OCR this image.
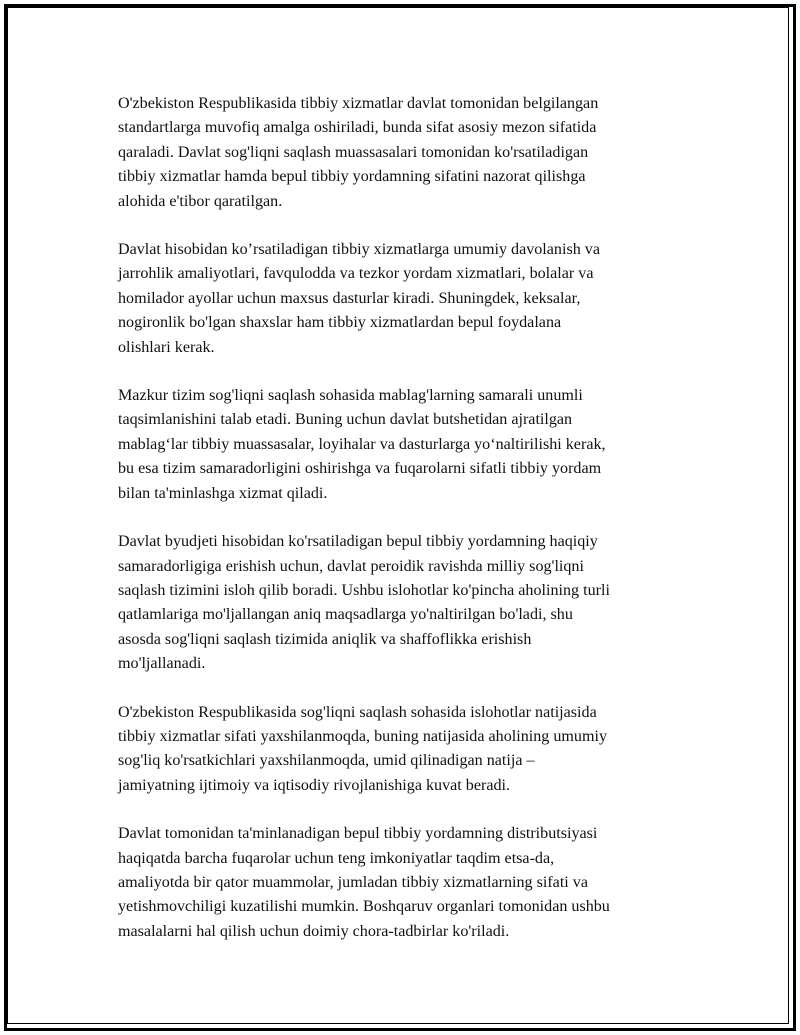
O'zbekiston Respublikasida tibbiy xizmatlar davlat tomonidan belgilangan
standartlarga muvofiq amalga oshiriladi, bunda sifat asosiy mezon sifatida
qaraladi. Davlat sog'liqni saqlash muassasalari tomonidan ko'rsatiladigan
tibbiy xizmatlar hamda bepul tibbiy yordamning sifatini nazorat qilishga
alohida e'tibor qaratilgan.

Davlat hisobidan ko’rsatiladigan tibbiy xizmatlarga umumiy davolanish va
jarrohlik amaliyotlari, favqulodda va tezkor yordam xizmatlari, bolalar va
homilador ayollar uchun maxsus dasturlar kiradi. Shuningdek, keksalar,
nogironlik bo'lgan shaxslar ham tibbiy xizmatlardan bepul foydalana
olishlari kerak.

Mazkur tizim sog'liqni saqlash sohasida mablag'larning samarali unumli
taqsimlanishini talab etadi. Buning uchun davlat butshetidan ajratilgan
mablag‘lar tibbiy muassasalar, loyihalar va dasturlarga yo‘naltirilishi kerak,
bu esa tizim samaradorligini oshirishga va fuqarolarni sifatli tibbiy yordam
bilan ta'minlashga xizmat qiladi.

Davlat byudjeti hisobidan ko'rsatiladigan bepul tibbiy yordamning haqiqiy
samaradorligiga erishish uchun, davlat peroidik ravishda milliy sog'liqni
saqlash tizimini isloh qilib boradi. Ushbu islohotlar ko'pincha aholining turli
qatlamlariga mo'ljallangan aniq maqsadlarga yo'naltirilgan bo'ladi, shu
asosda sog'liqni saqlash tizimida aniqlik va shaffoflikka erishish
mo'ljallanadi.

O'zbekiston Respublikasida sog'liqni saqlash sohasida islohotlar natijasida
tibbiy xizmatlar sifati yaxshilanmoqda, buning natijasida aholining umumiy
sog'liq ko'rsatkichlari yaxshilanmoqda, umid qilinadigan natija –
jamiyatning ijtimoiy va iqtisodiy rivojlanishiga kuvat beradi.

Davlat tomonidan ta'minlanadigan bepul tibbiy yordamning distributsiyasi
haqiqatda barcha fuqarolar uchun teng imkoniyatlar taqdim etsa-da,
amaliyotda bir qator muammolar, jumladan tibbiy xizmatlarning sifati va
yetishmovchiligi kuzatilishi mumkin. Boshqaruv organlari tomonidan ushbu
masalalarni hal qilish uchun doimiy chora-tadbirlar ko'riladi.
